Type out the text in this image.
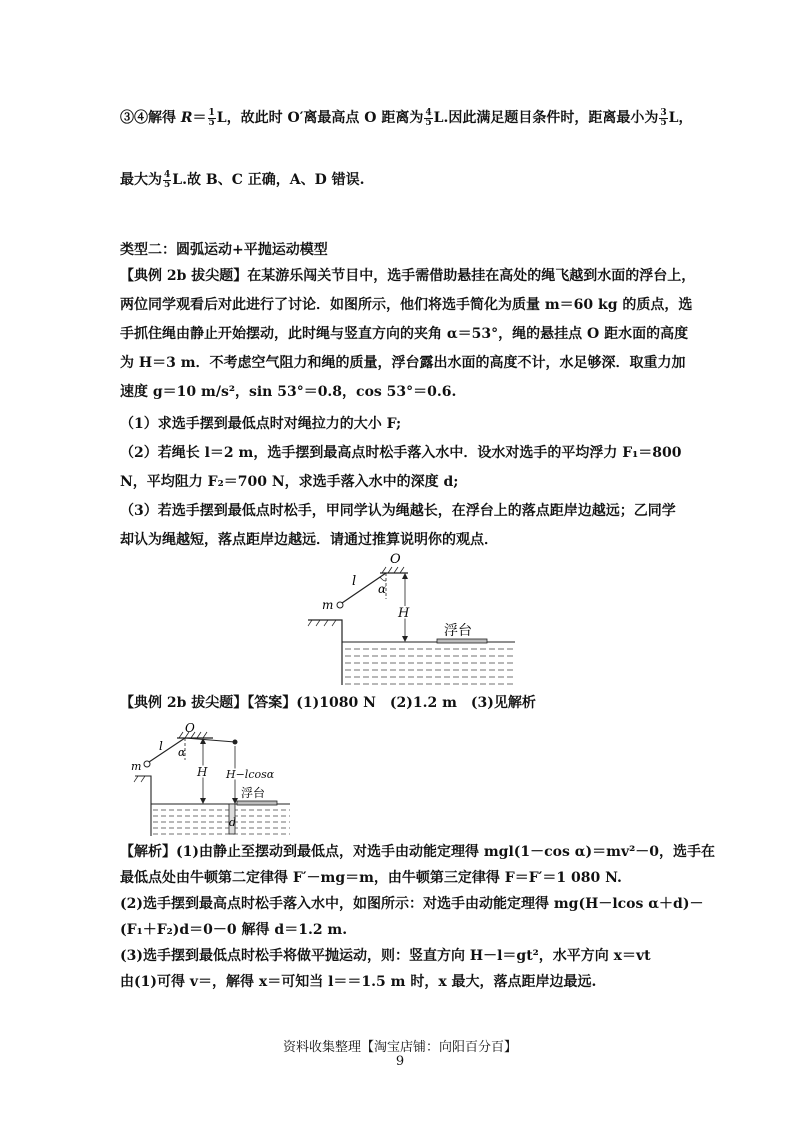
③④解得 $R= \frac{1}{5}$ L，故此时 O′离最高点 O 距离为 $\frac{4}{5} L$.因此满足题目条件时，距离最小为 $\frac{3}{5}$ L，
最大为 $\frac{4}{5} L$.故 B、C 正确，A、D 错误.
类型二：圆弧运动+平抛运动模型
【典例 2b 拔尖题】在某游乐闯关节目中，选手需借助悬挂在高处的绳飞越到水面的浮台上，
两位同学观看后对此进行了讨论．如图所示，他们将选手简化为质量 m＝60 kg 的质点，选
手抓住绳由静止开始摆动，此时绳与竖直方向的夹角 α＝53°，绳的悬挂点 O 距水面的高度
为 H＝3 m．不考虑空气阻力和绳的质量，浮台露出水面的高度不计，水足够深．取重力加
速度 g＝10 m/s²，sin 53°＝0.8，cos 53°＝0.6.
（1）求选手摆到最低点时对绳拉力的大小 F;
（2）若绳长 l＝2 m，选手摆到最高点时松手落入水中．设水对选手的平均浮力 F₁＝800
N，平均阻力 F₂＝700 N，求选手落入水中的深度 d;
（3）若选手摆到最低点时松手，甲同学认为绳越长，在浮台上的落点距岸边越远；乙同学
却认为绳越短，落点距岸边越远．请通过推算说明你的观点．
O
α
l
m
H
浮台
【典例 2b 拔尖题】【答案】(1)1080 N　(2)1.2 m　(3)见解析
O
α
l
m	H H−lcosα
浮台
d
【解析】(1)由静止至摆动到最低点，对选手由动能定理得 mgl(1－cos α)＝mv²－0，选手在
最低点处由牛顿第二定律得 F′－mg＝m，由牛顿第三定律得 F＝F′＝1 080 N.
(2)选手摆到最高点时松手落入水中，如图所示：对选手由动能定理得 mg(H－lcos α＋d)－
(F₁＋F₂)d＝0－0 解得 d＝1.2 m.
(3)选手摆到最低点时松手将做平抛运动，则：竖直方向 H－l＝gt²，水平方向 x＝vt
由(1)可得 v＝，解得 x＝可知当 l＝＝1.5 m 时，x 最大，落点距岸边最远.
资料收集整理【淘宝店铺：向阳百分百】
9
